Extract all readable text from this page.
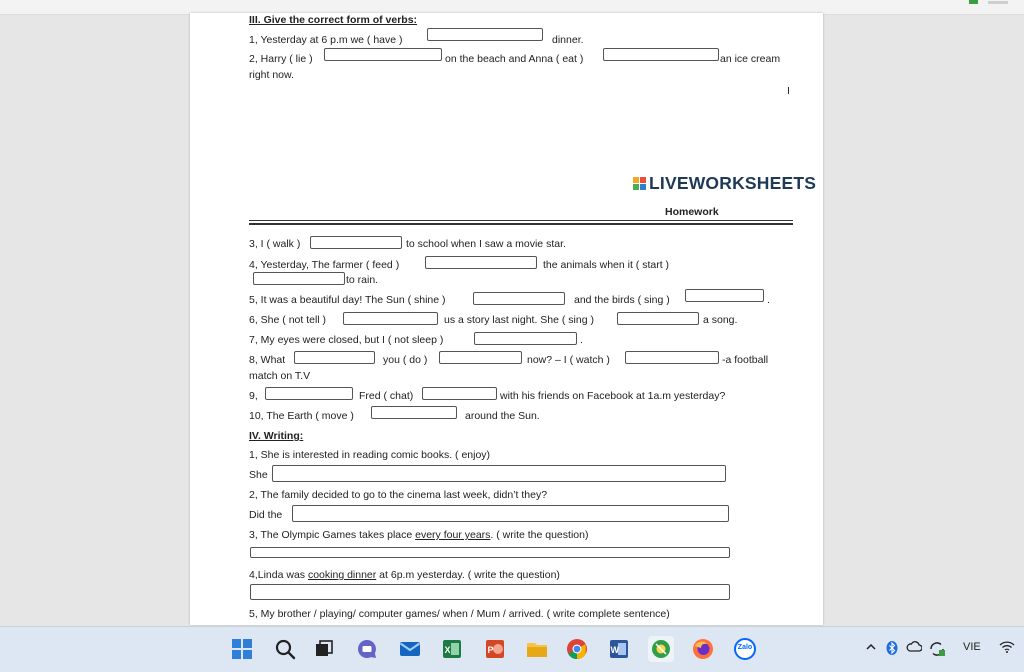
III. Give the correct form of verbs:
1, Yesterday at 6 p.m we ( have )	dinner.
2, Harry ( lie )	on the beach and Anna ( eat )	an ice cream
right now.
I
LIVEWORKSHEETS
Homework
3, I ( walk )	to school when I saw a movie star.
4, Yesterday, The farmer ( feed )	the animals when it ( start )
to rain.
5, It was a beautiful day! The Sun ( shine )	and the birds ( sing )	.
6, She ( not tell )	us a story last night. She ( sing )	a song.
7, My eyes were closed, but I ( not sleep )	.
8, What	you ( do )	now? – I ( watch )	-a football
match on T.V
9,	Fred ( chat)	with his friends on Facebook at 1a.m yesterday?
10, The Earth ( move )	around the Sun.
IV. Writing:
1, She is interested in reading comic books. ( enjoy)
She
2, The family decided to go to the cinema last week, didn’t they?
Did the
3, The Olympic Games takes place every four years. ( write the question)
4,Linda was cooking dinner at 6p.m yesterday. ( write the question)
5, My brother / playing/ computer games/ when / Mum / arrived. ( write complete sentence)
X	P	W	Zalo	VIE
